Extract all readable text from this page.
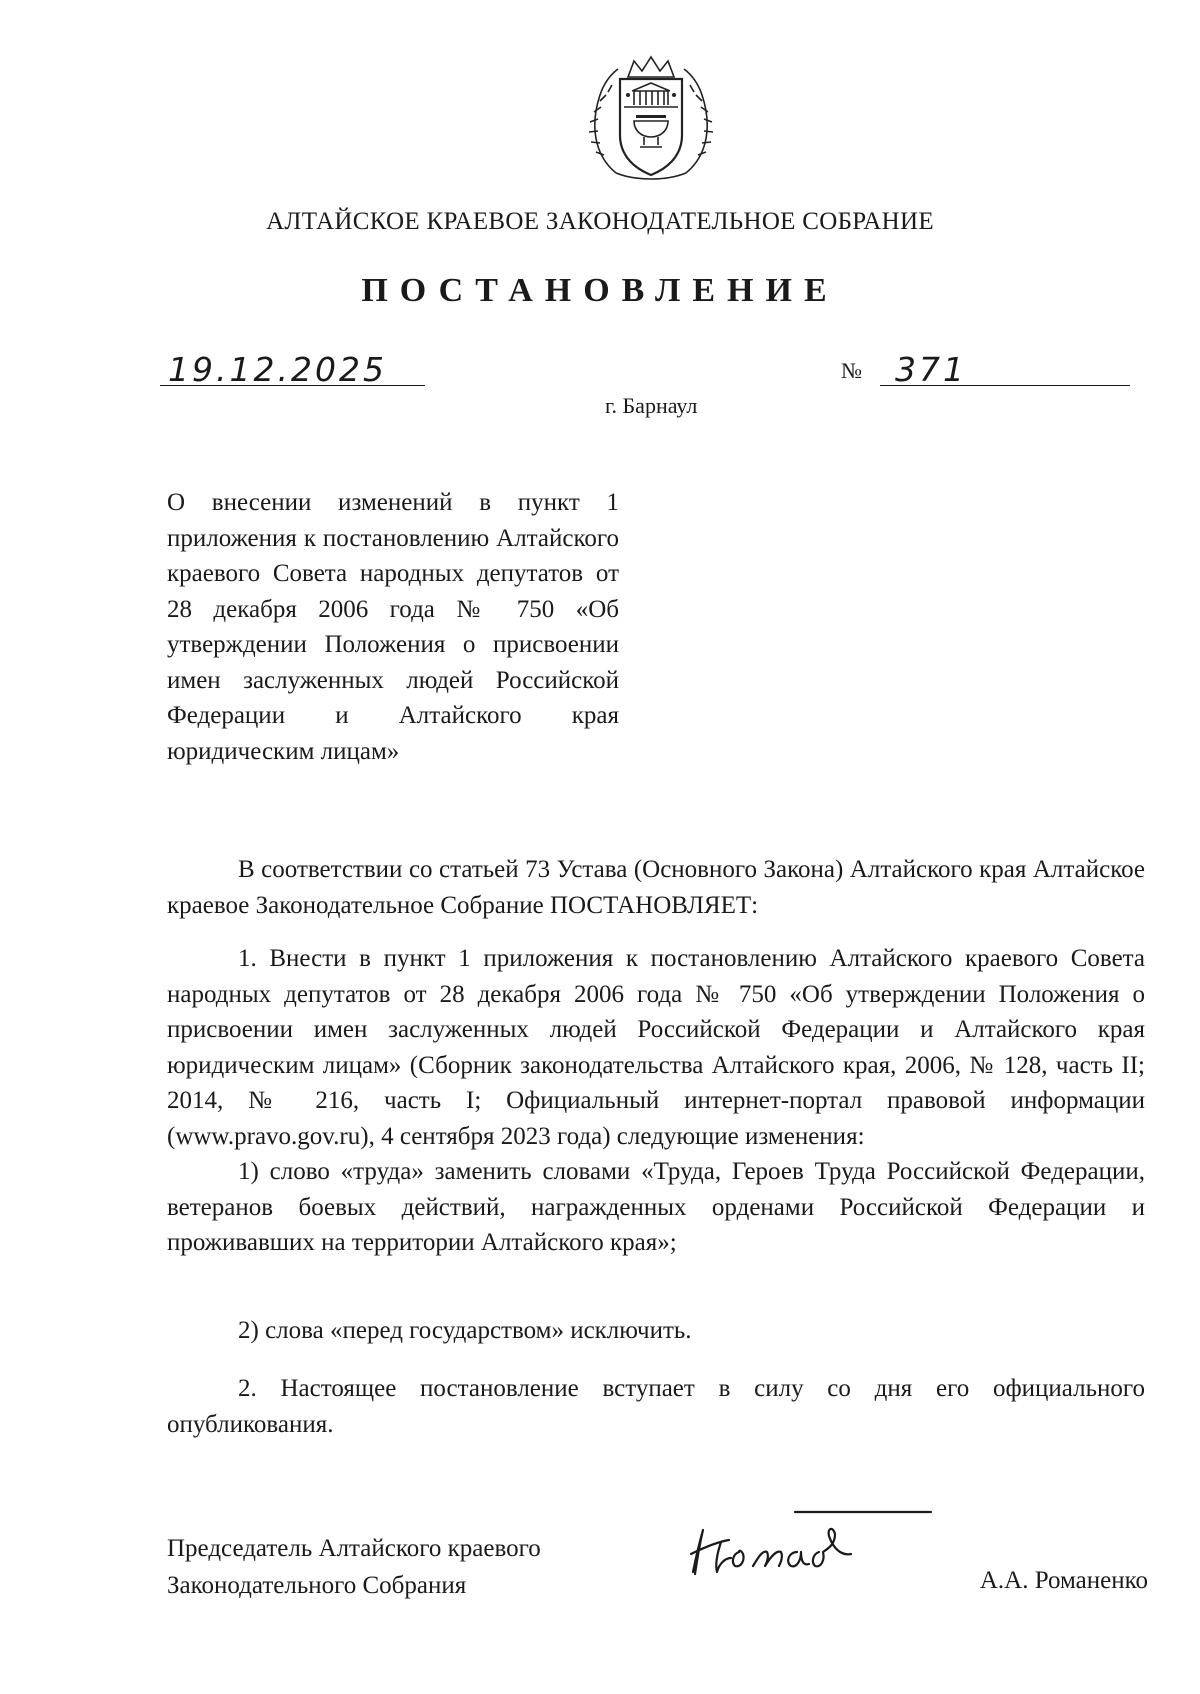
АЛТАЙСКОЕ КРАЕВОЕ ЗАКОНОДАТЕЛЬНОЕ СОБРАНИЕ
ПОСТАНОВЛЕНИЕ
19.12.2025	№ 371
г. Барнаул
О внесении изменений в пункт 1 приложения к постановлению Алтайского краевого Совета народных депутатов от 28 декабря 2006 года № 750 «Об утверждении Положения о присвоении имен заслуженных людей Российской Федерации и Алтайского края юридическим лицам»

В соответствии со статьей 73 Устава (Основного Закона) Алтайского края Алтайское краевое Законодательное Собрание ПОСТАНОВЛЯЕТ:

1. Внести в пункт 1 приложения к постановлению Алтайского краевого Совета народных депутатов от 28 декабря 2006 года № 750 «Об утверждении Положения о присвоении имен заслуженных людей Российской Федерации и Алтайского края юридическим лицам» (Сборник законодательства Алтайского края, 2006, № 128, часть II; 2014, № 216, часть I; Официальный интернет-портал правовой информации (www.pravo.gov.ru), 4 сентября 2023 года) следующие изменения:

1) слово «труда» заменить словами «Труда, Героев Труда Российской Федерации, ветеранов боевых действий, награжденных орденами Российской Федерации и проживавших на территории Алтайского края»;

2) слова «перед государством» исключить.

2. Настоящее постановление вступает в силу со дня его официального опубликования.

Председатель Алтайского краевого
Законодательного Собрания	А.А. Романенко
